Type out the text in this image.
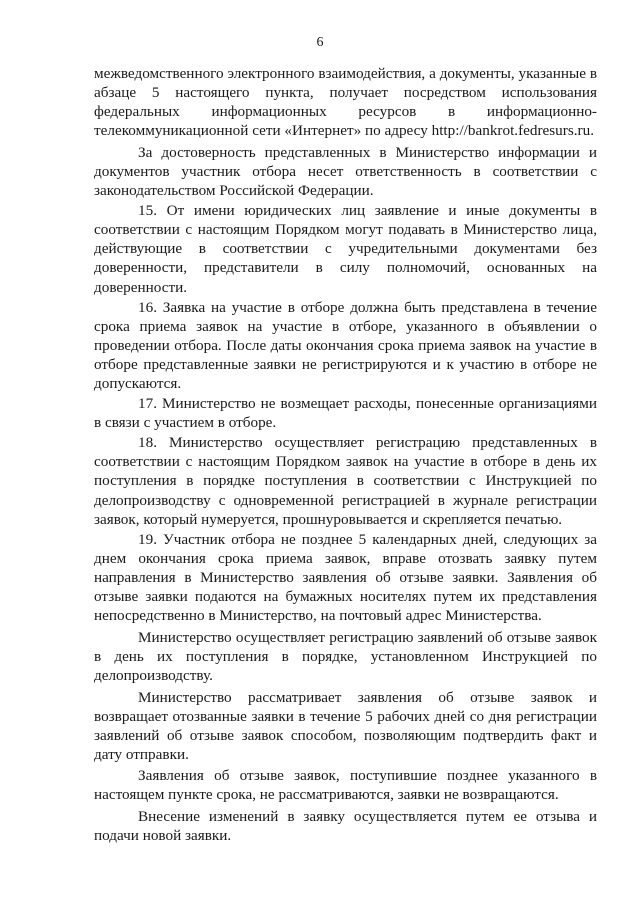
6

межведомственного электронного взаимодействия, а документы, указанные в абзаце 5 настоящего пункта, получает посредством использования федеральных информационных ресурсов в информационно-телекоммуникационной сети «Интернет» по адресу http://bankrot.fedresurs.ru.

За достоверность представленных в Министерство информации и документов участник отбора несет ответственность в соответствии с законодательством Российской Федерации.

15. От имени юридических лиц заявление и иные документы в соответствии с настоящим Порядком могут подавать в Министерство лица, действующие в соответствии с учредительными документами без доверенности, представители в силу полномочий, основанных на доверенности.

16. Заявка на участие в отборе должна быть представлена в течение срока приема заявок на участие в отборе, указанного в объявлении о проведении отбора. После даты окончания срока приема заявок на участие в отборе представленные заявки не регистрируются и к участию в отборе не допускаются.

17. Министерство не возмещает расходы, понесенные организациями в связи с участием в отборе.

18. Министерство осуществляет регистрацию представленных в соответствии с настоящим Порядком заявок на участие в отборе в день их поступления в порядке поступления в соответствии с Инструкцией по делопроизводству с одновременной регистрацией в журнале регистрации заявок, который нумеруется, прошнуровывается и скрепляется печатью.

19. Участник отбора не позднее 5 календарных дней, следующих за днем окончания срока приема заявок, вправе отозвать заявку путем направления в Министерство заявления об отзыве заявки. Заявления об отзыве заявки подаются на бумажных носителях путем их представления непосредственно в Министерство, на почтовый адрес Министерства.

Министерство осуществляет регистрацию заявлений об отзыве заявок в день их поступления в порядке, установленном Инструкцией по делопроизводству.

Министерство рассматривает заявления об отзыве заявок и возвращает отозванные заявки в течение 5 рабочих дней со дня регистрации заявлений об отзыве заявок способом, позволяющим подтвердить факт и дату отправки.

Заявления об отзыве заявок, поступившие позднее указанного в настоящем пункте срока, не рассматриваются, заявки не возвращаются.

Внесение изменений в заявку осуществляется путем ее отзыва и подачи новой заявки.
